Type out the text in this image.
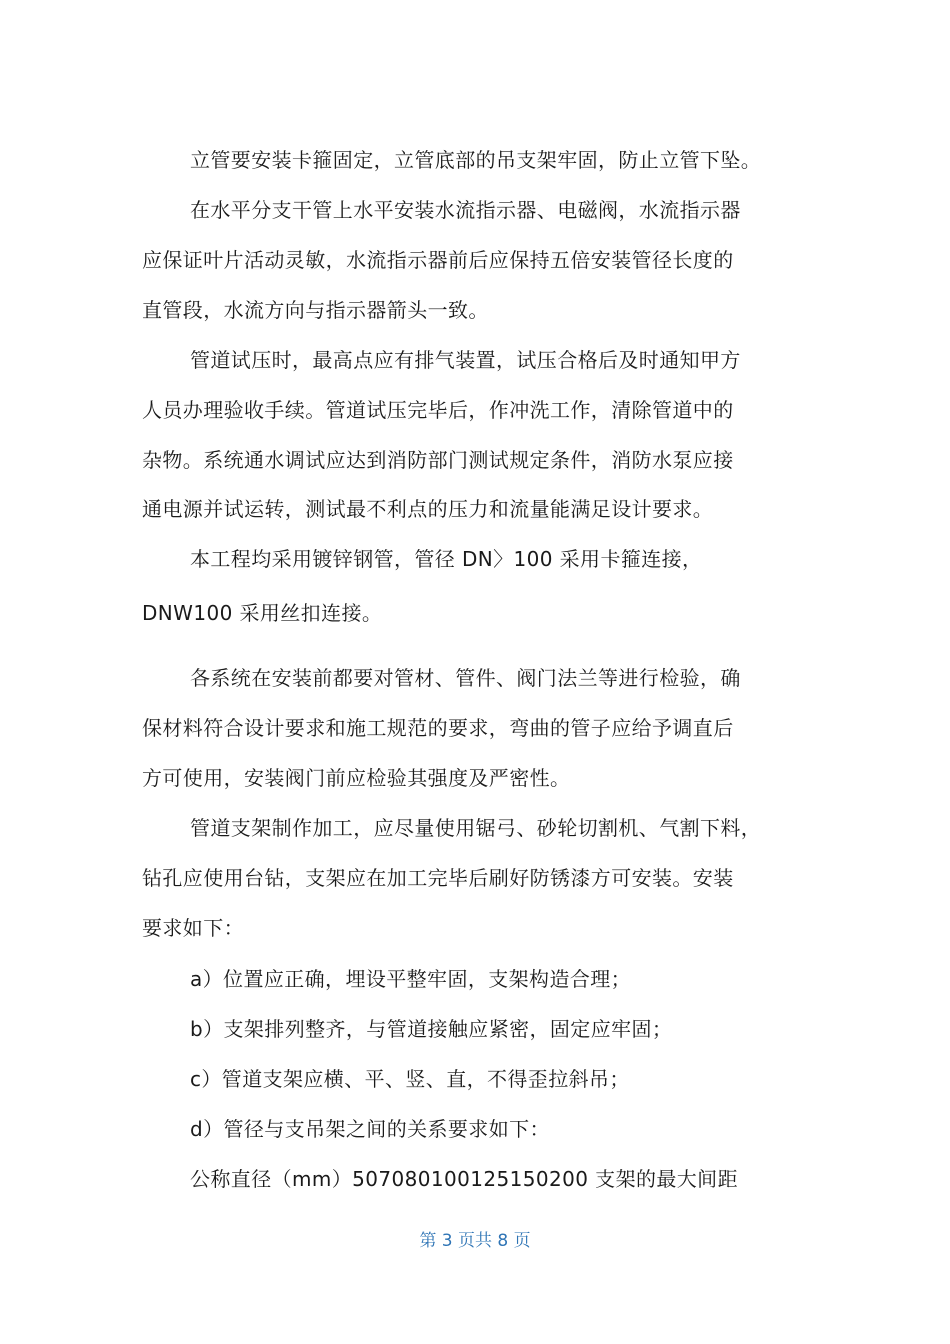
立管要安装卡箍固定，立管底部的吊支架牢固，防止立管下坠。
在水平分支干管上水平安装水流指示器、电磁阀，水流指示器
应保证叶片活动灵敏，水流指示器前后应保持五倍安装管径长度的
直管段，水流方向与指示器箭头一致。
管道试压时，最高点应有排气装置，试压合格后及时通知甲方
人员办理验收手续。管道试压完毕后，作冲洗工作，清除管道中的
杂物。系统通水调试应达到消防部门测试规定条件，消防水泵应接
通电源并试运转，测试最不利点的压力和流量能满足设计要求。
本工程均采用镀锌钢管，管径 DN〉100 采用卡箍连接，
DNW100 采用丝扣连接。
各系统在安装前都要对管材、管件、阀门法兰等进行检验，确
保材料符合设计要求和施工规范的要求，弯曲的管子应给予调直后
方可使用，安装阀门前应检验其强度及严密性。
管道支架制作加工，应尽量使用锯弓、砂轮切割机、气割下料，
钻孔应使用台钻，支架应在加工完毕后刷好防锈漆方可安装。安装
要求如下：
a）位置应正确，埋设平整牢固，支架构造合理；
b）支架排列整齐，与管道接触应紧密，固定应牢固；
c）管道支架应横、平、竖、直，不得歪拉斜吊；
d）管径与支吊架之间的关系要求如下：
公称直径（mm）507080100125150200 支架的最大间距
第 3 页共 8 页
